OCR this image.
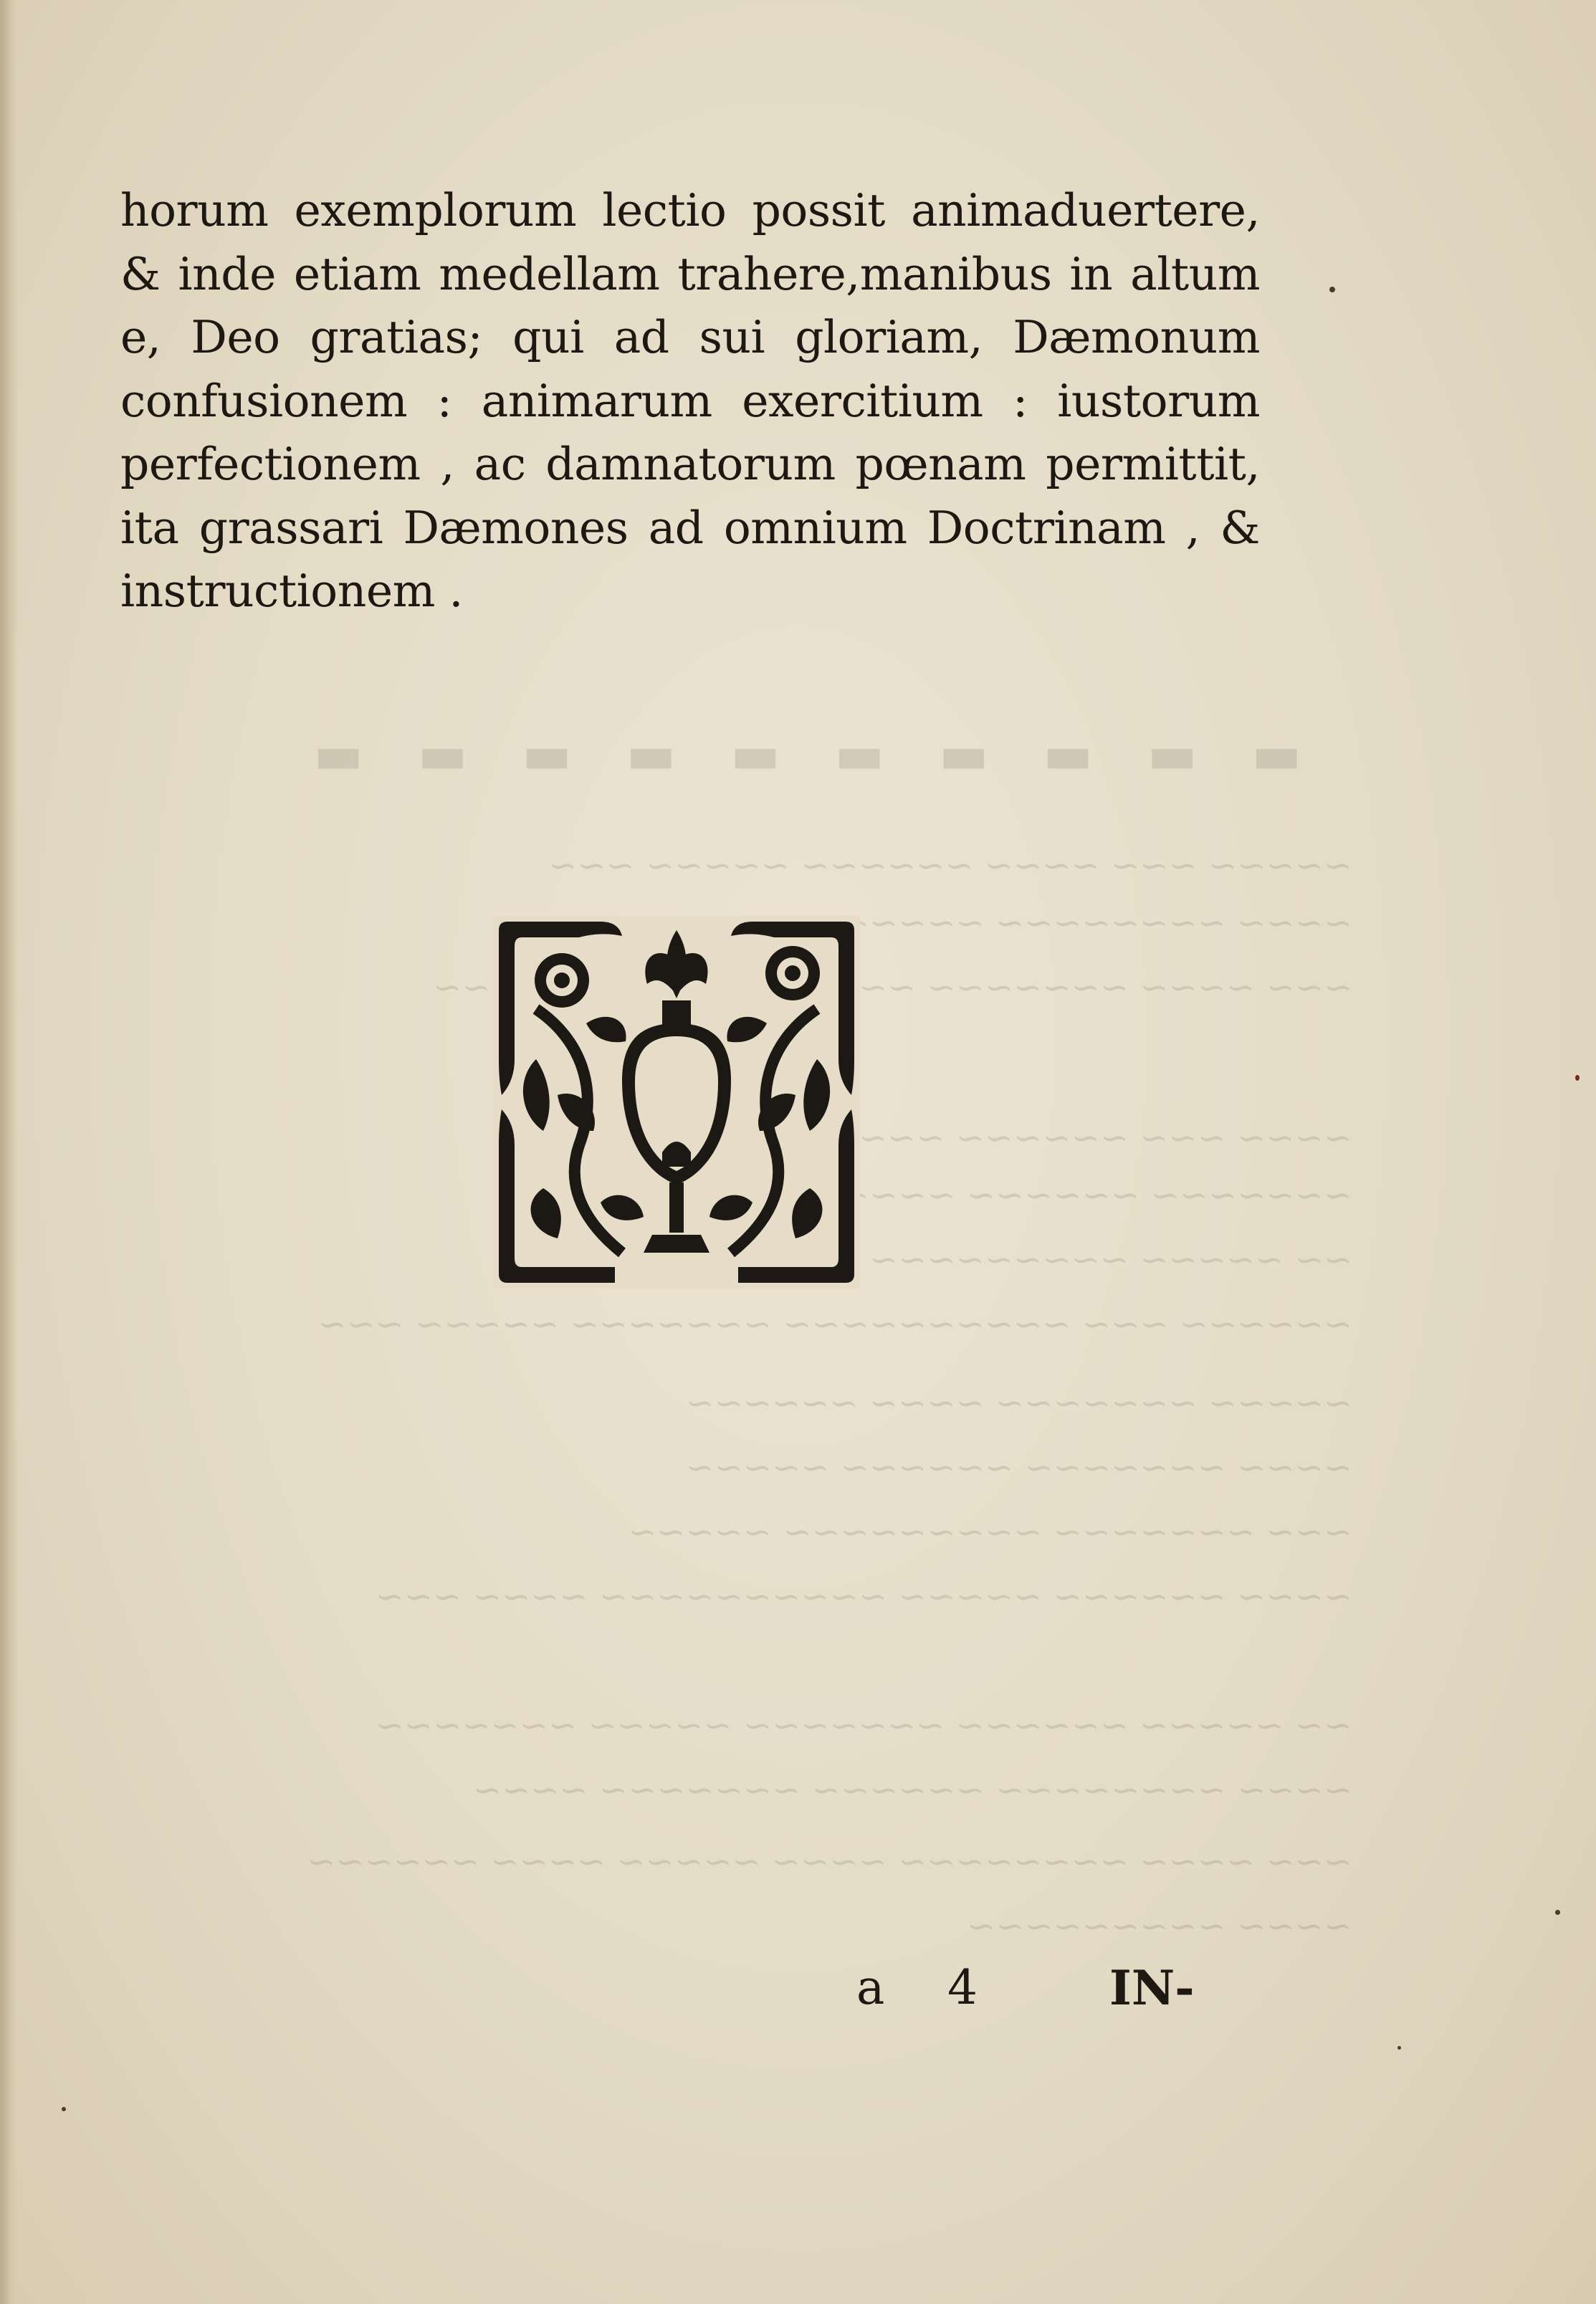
▬ ▬ ▬ ▬ ▬ ▬ ▬ ▬ ▬ ▬
~~~~~ ~~~ ~~~~ ~~~~~~ ~~~~~ ~~~
~~~~ ~~~~~~~~ ~~~~~
~~~ ~~~~ ~~~~~~~ ~~~~ ~~~~~~~~~ ~~~
~~~~ ~~~ ~~~~~~ ~~~~ ~~~~~~ ~~~~
~~~~~~~ ~~~~~~ ~~~~ ~~~~~ ~~~~~
~~ ~~~~~ ~~~~~~~~~ ~~~~~~~~
~~~~~~ ~~~ ~~~~~~~~~~ ~~~~~~~ ~~~~~ ~~~
~~~~~ ~~~~~~~ ~~~~ ~~~~~~
~~~~ ~~~~~~~ ~~~~~~ ~~~~~
~~~ ~~~~~~~ ~~~~~~~~~ ~~~~~
~~~~ ~~~~~~ ~~~~~ ~~~~~~~~~~ ~~~~ ~~~
~~ ~~~~~ ~~~~~~ ~~~~~~~ ~~~~~ ~~~~~~~
~~~~ ~~~~~~~~ ~~~~~~ ~~~~~~~ ~~~~
~~~ ~~~~ ~~~~~~~~ ~~~~ ~~~~~ ~~~~ ~~~~~~
~~~~ ~~~~~~~~~
horum exemplorum lectio possit animaduertere,
& inde etiam medellam trahere,manibus in altum
e, Deo gratias; qui ad sui gloriam, Dæmonum
confusionem : animarum exercitium : iustorum
perfectionem , ac damnatorum pœnam permittit,
ita grassari Dæmones ad omnium Doctrinam , &
instructionem .
a 4	IN-
